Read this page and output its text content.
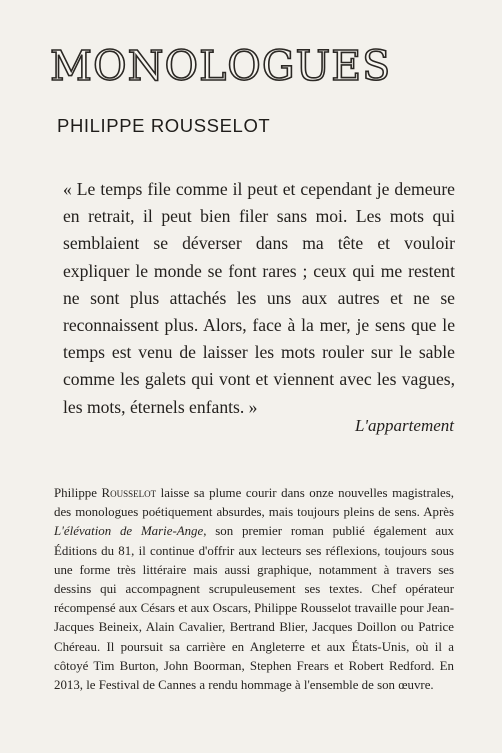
MONOLOGUES
PHILIPPE ROUSSELOT
« Le temps file comme il peut et cependant je demeure en retrait, il peut bien filer sans moi. Les mots qui semblaient se déverser dans ma tête et vouloir expliquer le monde se font rares ; ceux qui me restent ne sont plus attachés les uns aux autres et ne se reconnaissent plus. Alors, face à la mer, je sens que le temps est venu de laisser les mots rouler sur le sable comme les galets qui vont et viennent avec les vagues, les mots, éternels enfants. »
L'appartement
Philippe Rousselot laisse sa plume courir dans onze nouvelles magistrales, des monologues poétiquement absurdes, mais toujours pleins de sens. Après L'élévation de Marie-Ange, son premier roman publié également aux Éditions du 81, il continue d'offrir aux lecteurs ses réflexions, toujours sous une forme très littéraire mais aussi graphique, notamment à travers ses dessins qui accompagnent scrupuleusement ses textes. Chef opérateur récompensé aux Césars et aux Oscars, Philippe Rousselot travaille pour Jean-Jacques Beineix, Alain Cavalier, Bertrand Blier, Jacques Doillon ou Patrice Chéreau. Il poursuit sa carrière en Angleterre et aux États-Unis, où il a côtoyé Tim Burton, John Boorman, Stephen Frears et Robert Redford. En 2013, le Festival de Cannes a rendu hommage à l'ensemble de son œuvre.
